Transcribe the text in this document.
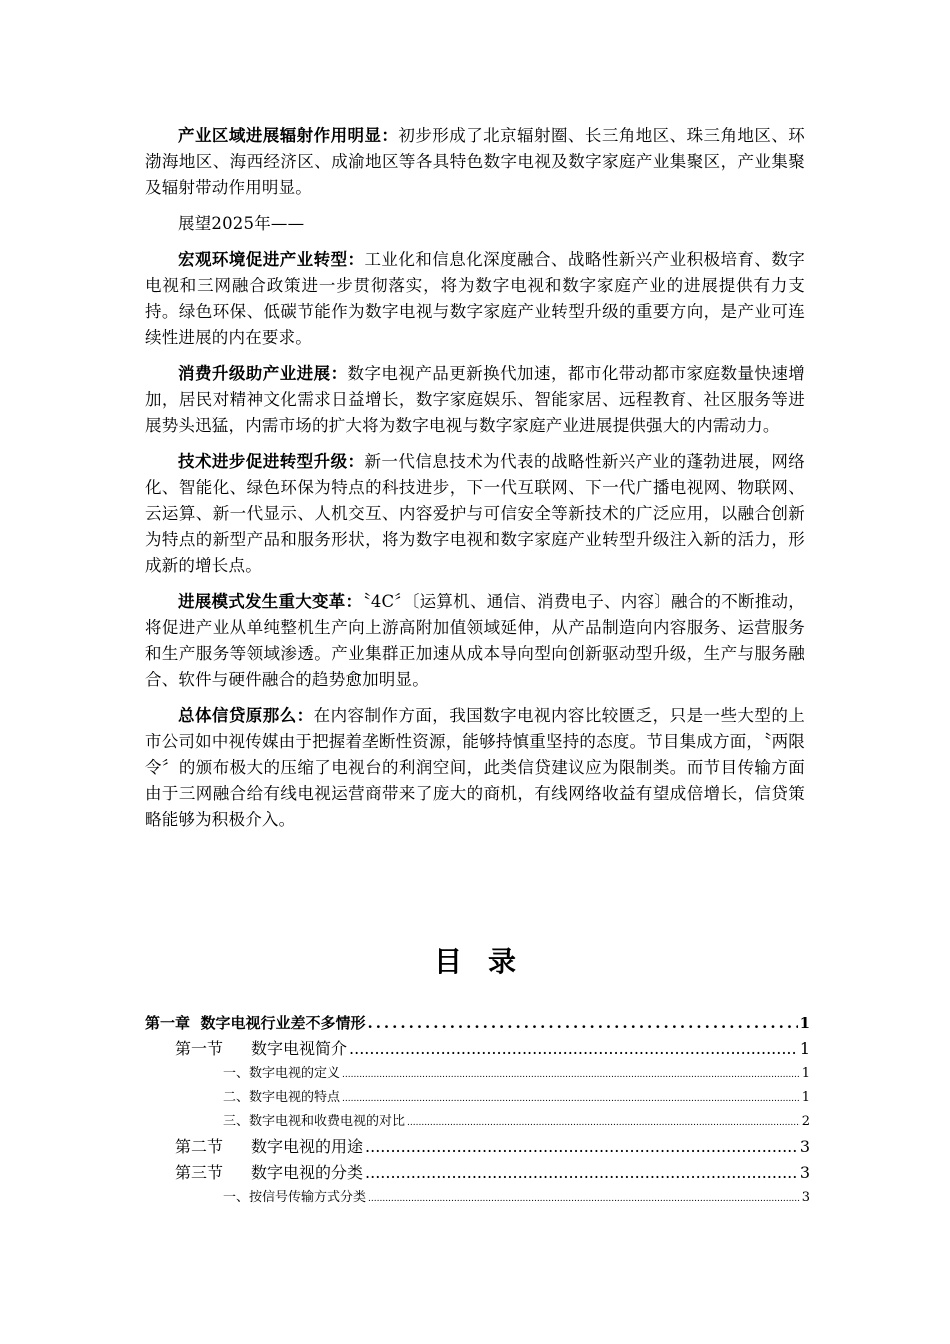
产业区域进展辐射作用明显：初步形成了北京辐射圈、长三角地区、珠三角地区、环渤海地区、海西经济区、成渝地区等各具特色数字电视及数字家庭产业集聚区，产业集聚及辐射带动作用明显。

展望2025年——

宏观环境促进产业转型：工业化和信息化深度融合、战略性新兴产业积极培育、数字电视和三网融合政策进一步贯彻落实，将为数字电视和数字家庭产业的进展提供有力支持。绿色环保、低碳节能作为数字电视与数字家庭产业转型升级的重要方向，是产业可连续性进展的内在要求。

消费升级助产业进展：数字电视产品更新换代加速，都市化带动都市家庭数量快速增加，居民对精神文化需求日益增长，数字家庭娱乐、智能家居、远程教育、社区服务等进展势头迅猛，内需市场的扩大将为数字电视与数字家庭产业进展提供强大的内需动力。

技术进步促进转型升级：新一代信息技术为代表的战略性新兴产业的蓬勃进展，网络化、智能化、绿色环保为特点的科技进步，下一代互联网、下一代广播电视网、物联网、云运算、新一代显示、人机交互、内容爱护与可信安全等新技术的广泛应用，以融合创新为特点的新型产品和服务形状，将为数字电视和数字家庭产业转型升级注入新的活力，形成新的增长点。

进展模式发生重大变革：〝4C〞〔运算机、通信、消费电子、内容〕融合的不断推动，将促进产业从单纯整机生产向上游高附加值领域延伸，从产品制造向内容服务、运营服务和生产服务等领域渗透。产业集群正加速从成本导向型向创新驱动型升级，生产与服务融合、软件与硬件融合的趋势愈加明显。

总体信贷原那么：在内容制作方面，我国数字电视内容比较匮乏，只是一些大型的上市公司如中视传媒由于把握着垄断性资源，能够持慎重坚持的态度。节目集成方面，〝两限令〞的颁布极大的压缩了电视台的利润空间，此类信贷建议应为限制类。而节目传输方面由于三网融合给有线电视运营商带来了庞大的商机，有线网络收益有望成倍增长，信贷策略能够为积极介入。

目录
第一章 数字电视行业差不多情形 .....	1
第一节 数字电视简介 .....	1
一、数字电视的定义 .....	1
二、数字电视的特点 .....	1
三、数字电视和收费电视的对比 .....	2
第二节 数字电视的用途 .....	3
第三节 数字电视的分类 .....	3
一、按信号传输方式分类 .....	3
